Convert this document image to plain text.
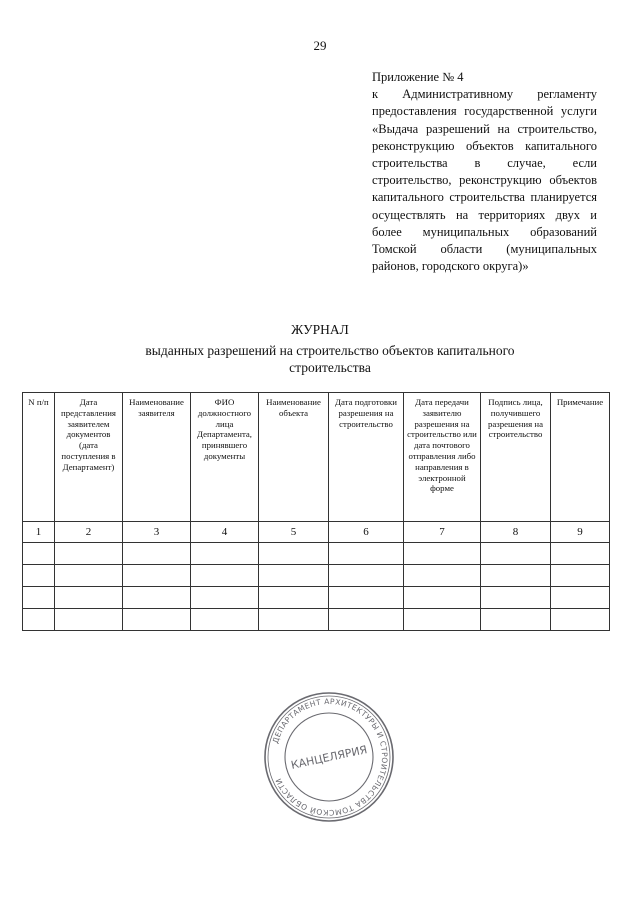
29
Приложение № 4
к Административному регламенту предоставления государственной услуги «Выдача разрешений на строительство, реконструкцию объектов капитального строительства в случае, если строительство, реконструкцию объектов капитального строительства планируется осуществлять на территориях двух и более муниципальных образований Томской области (муниципальных районов, городского округа)»
ЖУРНАЛ
выданных разрешений на строительство объектов капитального строительства
N п/п	Дата представления заявителем документов (дата поступления в Департамент)	Наименование заявителя	ФИО должностного лица Департамента, принявшего документы	Наименование объекта	Дата подготовки разрешения на строительство	Дата передачи заявителю разрешения на строительство или дата почтового отправления либо направления в электронной форме	Подпись лица, получившего разрешения на строительство	Примечание
1	2	3	4	5	6	7	8	9

ДЕПАРТАМЕНТ АРХИТЕКТУРЫ И СТРОИТЕЛЬСТВА ТОМСКОЙ ОБЛАСТИ
КАНЦЕЛЯРИЯ
